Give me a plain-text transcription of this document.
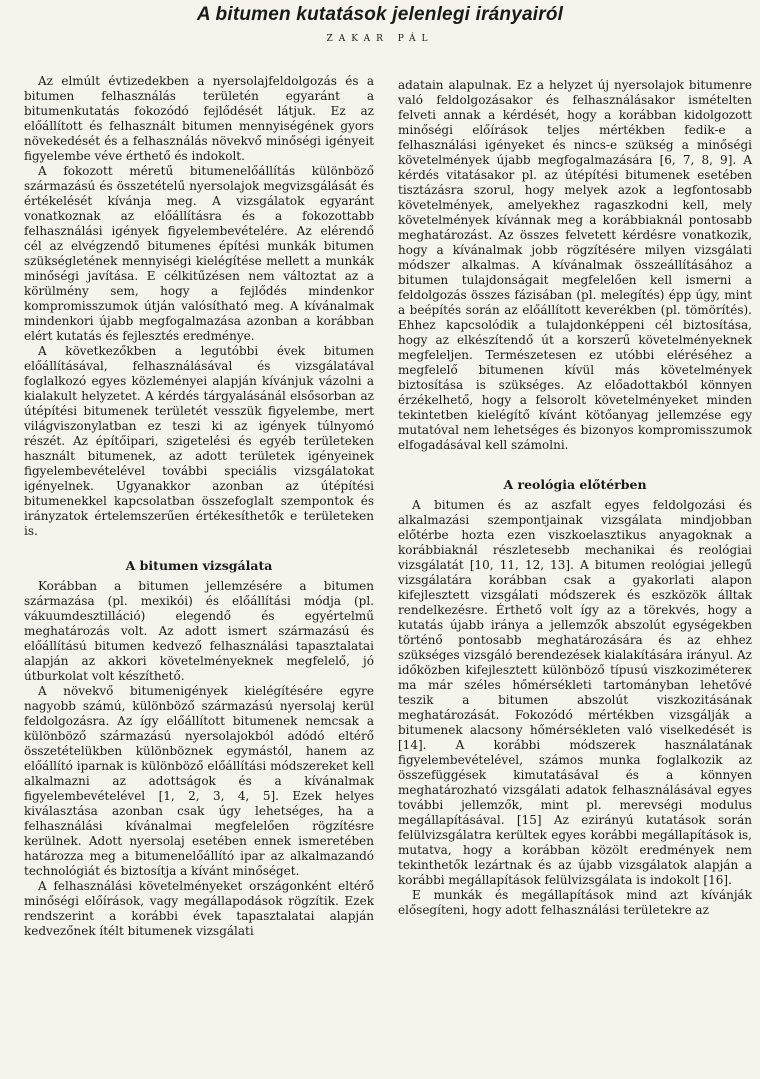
A bitumen kutatások jelenlegi irányairól
ZAKAR PÁL

Az elmúlt évtizedekben a nyersolajfeldolgozás és a bitumen felhasználás területén egyaránt a bitumenkutatás fokozódó fejlődését látjuk. Ez az előállított és felhasznált bitumen mennyiségének gyors növekedését és a felhasználás növekvő minőségi igényeit figyelembe véve érthető és indokolt.

A fokozott méretű bitumenelőállítás különböző származású és összetételű nyersolajok megvizsgálását és értékelését kívánja meg. A vizsgálatok egyaránt vonatkoznak az előállításra és a fokozottabb felhasználási igények figyelembevételére. Az elérendő cél az elvégzendő bitumenes építési munkák bitumen szükségletének mennyiségi kielégítése mellett a munkák minőségi javítása. E célkitűzésen nem változtat az a körülmény sem, hogy a fejlődés mindenkor kompromisszumok útján valósítható meg. A kívánalmak mindenkori újabb megfogalmazása azonban a korábban elért kutatás és fejlesztés eredménye.

A következőkben a legutóbbi évek bitumen előállításával, felhasználásával és vizsgálatával foglalkozó egyes közleményei alapján kívánjuk vázolni a kialakult helyzetet. A kérdés tárgyalásánál elsősorban az útépítési bitumenek területét vesszük figyelembe, mert világviszonylatban ez teszi ki az igények túlnyomó részét. Az építőipari, szigetelési és egyéb területeken használt bitumenek, az adott területek igényeinek figyelembevételével további speciális vizsgálatokat igényelnek. Ugyanakkor azonban az útépítési bitumenekkel kapcsolatban összefoglalt szempontok és irányzatok értelemszerűen értékesíthetők e területeken is.

A bitumen vizsgálata

Korábban a bitumen jellemzésére a bitumen származása (pl. mexikói) és előállítási módja (pl. vákuumdesztilláció) elegendő és egyértelmű meghatározás volt. Az adott ismert származású és előállítású bitumen kedvező felhasználási tapasztalatai alapján az akkori követelményeknek megfelelő, jó útburkolat volt készíthető.

A növekvő bitumenigények kielégítésére egyre nagyobb számú, különböző származású nyersolaj kerül feldolgozásra. Az így előállított bitumenek nemcsak a különböző származású nyersolajokból adódó eltérő összetételükben különböznek egymástól, hanem az előállító iparnak is különböző előállítási módszereket kell alkalmazni az adottságok és a kívánalmak figyelembevételével [1, 2, 3, 4, 5]. Ezek helyes kiválasztása azonban csak úgy lehetséges, ha a felhasználási kívánalmai megfelelően rögzítésre kerülnek. Adott nyersolaj esetében ennek ismeretében határozza meg a bitumenelőállító ipar az alkalmazandó technológiát és biztosítja a kívánt minőséget.

A felhasználási követelményeket országonként eltérő minőségi előírások, vagy megállapodások rögzítik. Ezek rendszerint a korábbi évek tapasztalatai alapján kedvezőnek ítélt bitumenek vizsgálati

adatain alapulnak. Ez a helyzet új nyersolajok bitumenre való feldolgozásakor és felhasználásakor ismételten felveti annak a kérdését, hogy a korábban kidolgozott minőségi előírások teljes mértékben fedik-e a felhasználási igényeket és nincs-e szükség a minőségi követelmények újabb megfogalmazására [6, 7, 8, 9]. A kérdés vitatásakor pl. az útépítési bitumenek esetében tisztázásra szorul, hogy melyek azok a legfontosabb követelmények, amelyekhez ragaszkodni kell, mely követelmények kívánnak meg a korábbiaknál pontosabb meghatározást. Az összes felvetett kérdésre vonatkozik, hogy a kívánalmak jobb rögzítésére milyen vizsgálati módszer alkalmas. A kívánalmak összeállításához a bitumen tulajdonságait megfelelően kell ismerni a feldolgozás összes fázisában (pl. melegítés) épp úgy, mint a beépítés során az előállított keverékben (pl. tömörítés). Ehhez kapcsolódik a tulajdonképpeni cél biztosítása, hogy az elkészítendő út a korszerű követelményeknek megfeleljen. Természetesen ez utóbbi eléréséhez a megfelelő bitumenen kívül más követelmények biztosítása is szükséges. Az előadottakból könnyen érzékelhető, hogy a felsorolt követelményeket minden tekintetben kielégítő kívánt kötőanyag jellemzése egy mutatóval nem lehetséges és bizonyos kompromisszumok elfogadásával kell számolni.

A reológia előtérben

A bitumen és az aszfalt egyes feldolgozási és alkalmazási szempontjainak vizsgálata mindjobban előtérbe hozta ezen viszkoelasztikus anyagoknak a korábbiaknál részletesebb mechanikai és reológiai vizsgálatát [10, 11, 12, 13]. A bitumen reológiai jellegű vizsgálatára korábban csak a gyakorlati alapon kifejlesztett vizsgálati módszerek és eszközök álltak rendelkezésre. Érthető volt így az a törekvés, hogy a kutatás újabb iránya a jellemzők abszolút egységekben történő pontosabb meghatározására és az ehhez szükséges vizsgáló berendezések kialakítására irányul. Az időközben kifejlesztett különböző típusú viszkozimétereк ma már széles hőmérsékleti tartományban lehetővé teszik a bitumen abszolút viszkozitásának meghatározását. Fokozódó mértékben vizsgálják a bitumenek alacsony hőmérsékleten való viselkedését is [14]. A korábbi módszerek használatának figyelembevételével, számos munka foglalkozik az összefüggések kimutatásával és a könnyen meghatározható vizsgálati adatok felhasználásával egyes további jellemzők, mint pl. merevségi modulus megállapításával. [15] Az ezirányú kutatások során felülvizsgálatra kerültek egyes korábbi megállapítások is, mutatva, hogy a korábban közölt eredmények nem tekinthetők lezártnak és az újabb vizsgálatok alapján a korábbi megállapítások felülvizsgálata is indokolt [16].

E munkák és megállapítások mind azt kívánják elősegíteni, hogy adott felhasználási területekre az
